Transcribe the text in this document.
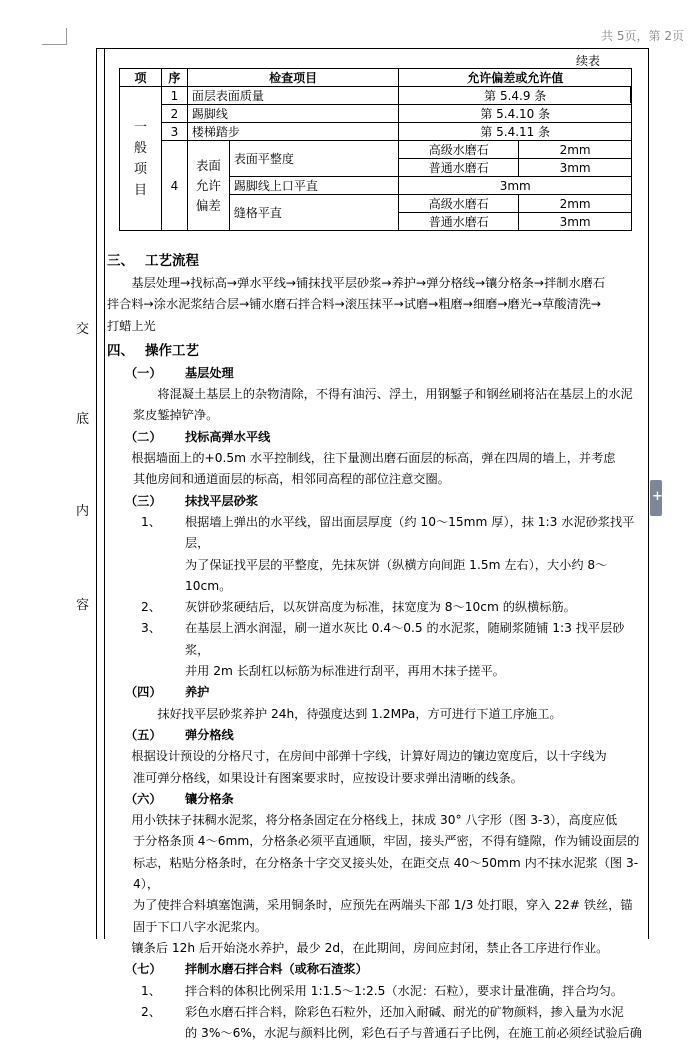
共 5页，第 2页
交
底
内
容
续表
项	序	检查项目		允许偏差或允许值	

一般项目	1	面层表面质量		第 5.4.9 条	
	2	踢脚线		第 5.4.10 条	
	3	楼梯踏步		第 5.4.11 条	
	4	表面允许偏差	表面平整度	高级水磨石	2mm
				普通水磨石	3mm
			踢脚线上口平直	3mm	
			缝格平直	高级水磨石	2mm
				普通水磨石	3mm

三、 工艺流程

基层处理→找标高→弹水平线→铺抹找平层砂浆→养护→弹分格线→镶分格条→拌制水磨石

拌合料→涂水泥浆结合层→铺水磨石拌合料→滚压抹平→试磨→粗磨→细磨→磨光→草酸清洗→

打蜡上光

四、 操作工艺

（一） 基层处理

将混凝土基层上的杂物清除，不得有油污、浮土，用钢錾子和钢丝刷将沾在基层上的水泥

浆皮錾掉铲净。

（二） 找标高弹水平线

根据墙面上的+0.5m 水平控制线，往下量测出磨石面层的标高，弹在四周的墙上，并考虑

其他房间和通道面层的标高，相邻同高程的部位注意交圈。

（三） 抹找平层砂浆

1、 根据墙上弹出的水平线，留出面层厚度（约 10～15mm 厚），抹 1:3 水泥砂浆找平层，

为了保证找平层的平整度，先抹灰饼（纵横方向间距 1.5m 左右），大小约 8～10cm。

2、 灰饼砂浆硬结后，以灰饼高度为标准，抹宽度为 8～10cm 的纵横标筋。

3、 在基层上洒水润湿，刷一道水灰比 0.4～0.5 的水泥浆，随刷浆随铺 1:3 找平层砂浆，

并用 2m 长刮杠以标筋为标准进行刮平，再用木抹子搓平。

（四） 养护

抹好找平层砂浆养护 24h，待强度达到 1.2MPa，方可进行下道工序施工。

（五） 弹分格线

根据设计预设的分格尺寸，在房间中部弹十字线，计算好周边的镶边宽度后，以十字线为

准可弹分格线，如果设计有图案要求时，应按设计要求弹出清晰的线条。

（六） 镶分格条

用小铁抹子抹稠水泥浆，将分格条固定在分格线上，抹成 30° 八字形（图 3-3），高度应低

于分格条顶 4～6mm，分格条必须平直通顺，牢固，接头严密，不得有缝隙，作为铺设面层的

标志，粘贴分格条时，在分格条十字交叉接头处，在距交点 40～50mm 内不抹水泥浆（图 3-4），

为了使拌合料填塞饱满，采用铜条时，应预先在两端头下部 1/3 处打眼，穿入 22# 铁丝，锚

固于下口八字水泥浆内。

镶条后 12h 后开始浇水养护，最少 2d，在此期间，房间应封闭，禁止各工序进行作业。

（七） 拌制水磨石拌合料（或称石渣浆）

1、 拌合料的体积比例采用 1:1.5～1:2.5（水泥：石粒），要求计量准确，拌合均匀。

2、 彩色水磨石拌合料，除彩色石粒外，还加入耐碱、耐光的矿物颜料，掺入量为水泥

的 3%～6%，水泥与颜料比例，彩色石子与普通石子比例，在施工前必须经试验后确

+
